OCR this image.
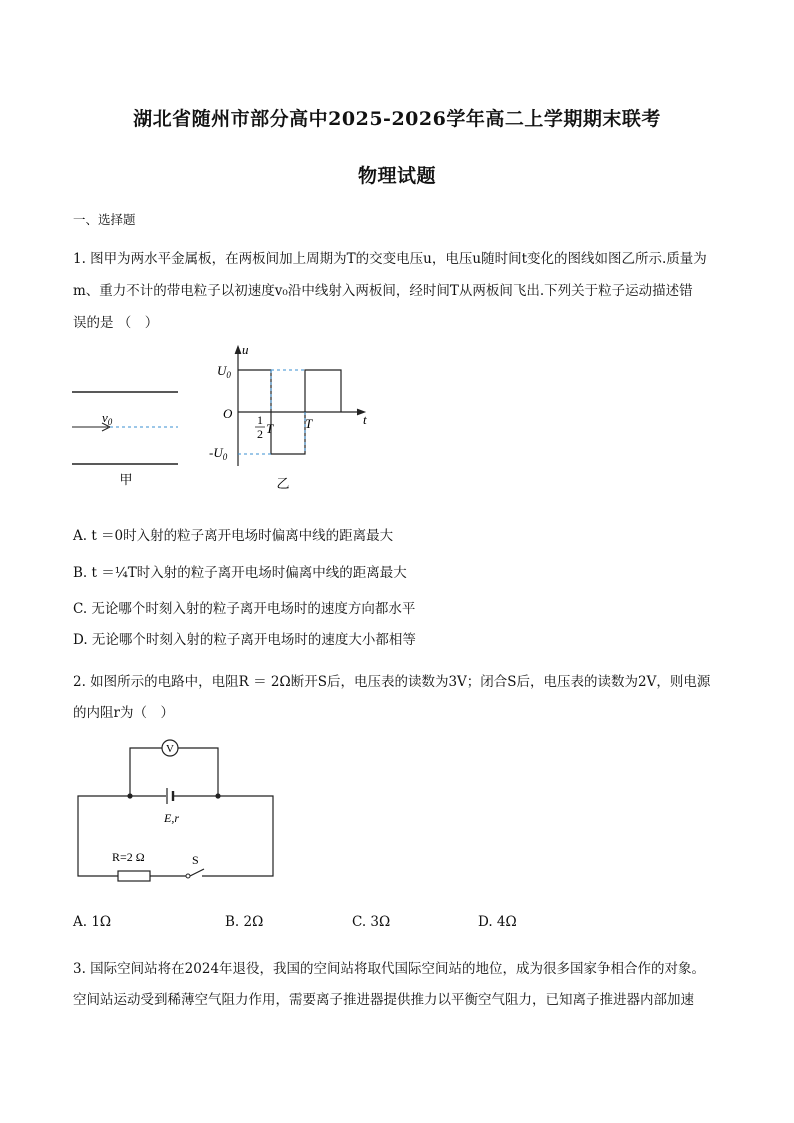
湖北省随州市部分高中2025-2026学年高二上学期期末联考
物理试题
一、选择题
1. 图甲为两水平金属板，在两板间加上周期为T的交变电压u，电压u随时间t变化的图线如图乙所示.质量为
m、重力不计的带电粒子以初速度v₀沿中线射入两板间，经时间T从两板间飞出.下列关于粒子运动描述错
误的是 （　）
$v_0$
甲
u
t
O
$U_0$
$-U_0$
1
2 T T
乙
A. t ＝0时入射的粒子离开电场时偏离中线的距离最大
B. t ＝¼T时入射的粒子离开电场时偏离中线的距离最大
C. 无论哪个时刻入射的粒子离开电场时的速度方向都水平
D. 无论哪个时刻入射的粒子离开电场时的速度大小都相等
2. 如图所示的电路中，电阻R ＝ 2Ω断开S后，电压表的读数为3V；闭合S后，电压表的读数为2V，则电源
的内阻r为（　）
E,r
V
R=2 Ω	S
A. 1Ω	B. 2Ω	C. 3Ω	D. 4Ω
3. 国际空间站将在2024年退役，我国的空间站将取代国际空间站的地位，成为很多国家争相合作的对象。
空间站运动受到稀薄空气阻力作用，需要离子推进器提供推力以平衡空气阻力，已知离子推进器内部加速
